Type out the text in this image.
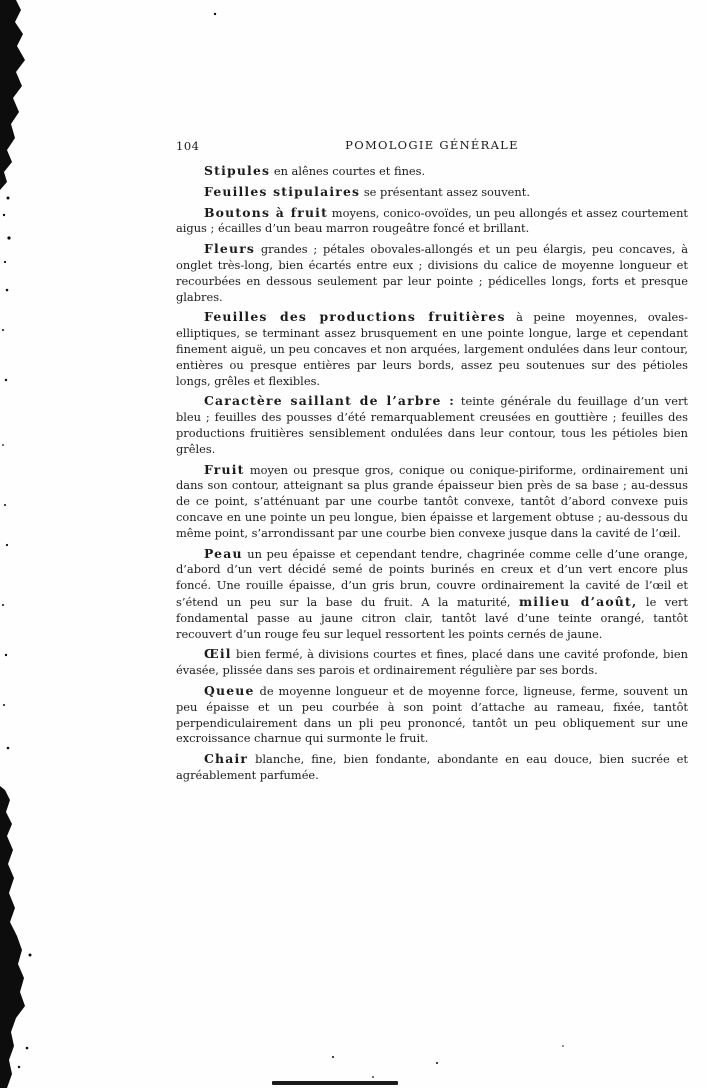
104	POMOLOGIE GÉNÉRALE

Stipules en alênes courtes et fines.

Feuilles stipulaires se présentant assez souvent.

Boutons à fruit moyens, conico-ovoïdes, un peu allongés et assez courtement aigus ; écailles d’un beau marron rougeâtre foncé et brillant.

Fleurs grandes ; pétales obovales-allongés et un peu élargis, peu concaves, à onglet très-long, bien écartés entre eux ; divisions du calice de moyenne longueur et recourbées en dessous seulement par leur pointe ; pédicelles longs, forts et presque glabres.

Feuilles des productions fruitières à peine moyennes, ovales-elliptiques, se terminant assez brusquement en une pointe longue, large et cependant finement aiguë, un peu concaves et non arquées, largement ondulées dans leur contour, entières ou presque entières par leurs bords, assez peu soutenues sur des pétioles longs, grêles et flexibles.

Caractère saillant de l’arbre : teinte générale du feuillage d’un vert bleu ; feuilles des pousses d’été remarquablement creusées en gouttière ; feuilles des productions fruitières sensiblement ondulées dans leur contour, tous les pétioles bien grêles.

Fruit moyen ou presque gros, conique ou conique-piriforme, ordinairement uni dans son contour, atteignant sa plus grande épaisseur bien près de sa base ; au-dessus de ce point, s’atténuant par une courbe tantôt convexe, tantôt d’abord convexe puis concave en une pointe un peu longue, bien épaisse et largement obtuse ; au-dessous du même point, s’arrondissant par une courbe bien convexe jusque dans la cavité de l’œil.

Peau un peu épaisse et cependant tendre, chagrinée comme celle d’une orange, d’abord d’un vert décidé semé de points burinés en creux et d’un vert encore plus foncé. Une rouille épaisse, d’un gris brun, couvre ordinairement la cavité de l’œil et s’étend un peu sur la base du fruit. A la maturité, milieu d’août, le vert fondamental passe au jaune citron clair, tantôt lavé d’une teinte orangé, tantôt recouvert d’un rouge feu sur lequel ressortent les points cernés de jaune.

Œil bien fermé, à divisions courtes et fines, placé dans une cavité profonde, bien évasée, plissée dans ses parois et ordinairement régulière par ses bords.

Queue de moyenne longueur et de moyenne force, ligneuse, ferme, souvent un peu épaisse et un peu courbée à son point d’attache au rameau, fixée, tantôt perpendiculairement dans un pli peu prononcé, tantôt un peu obliquement sur une excroissance charnue qui surmonte le fruit.

Chair blanche, fine, bien fondante, abondante en eau douce, bien sucrée et agréablement parfumée.
